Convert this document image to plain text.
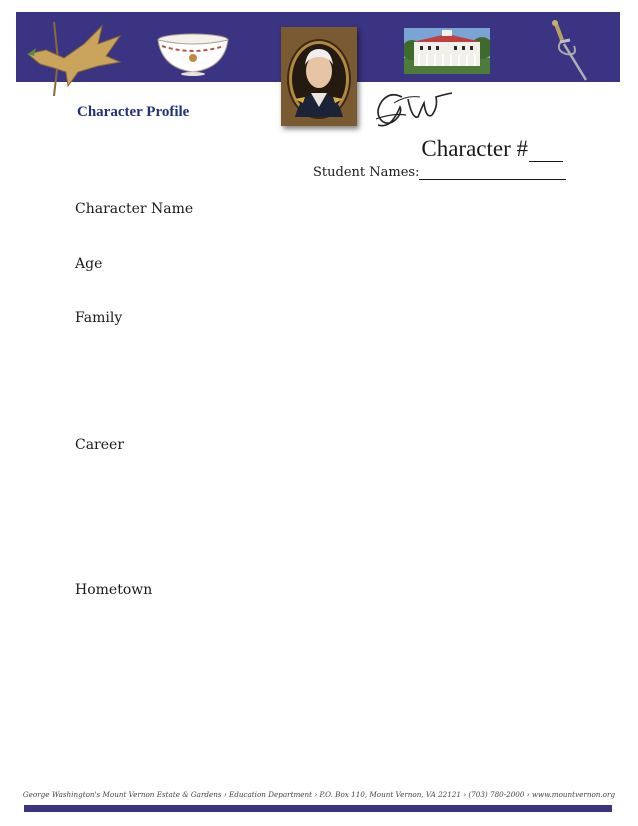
Character Profile
Character #
Student Names:

Character Name

Age

Family

Career

Hometown

George Washington's Mount Vernon Estate & Gardens › Education Department › P.O. Box 110, Mount Vernon, VA 22121 › (703) 780-2000 › www.mountvernon.org
